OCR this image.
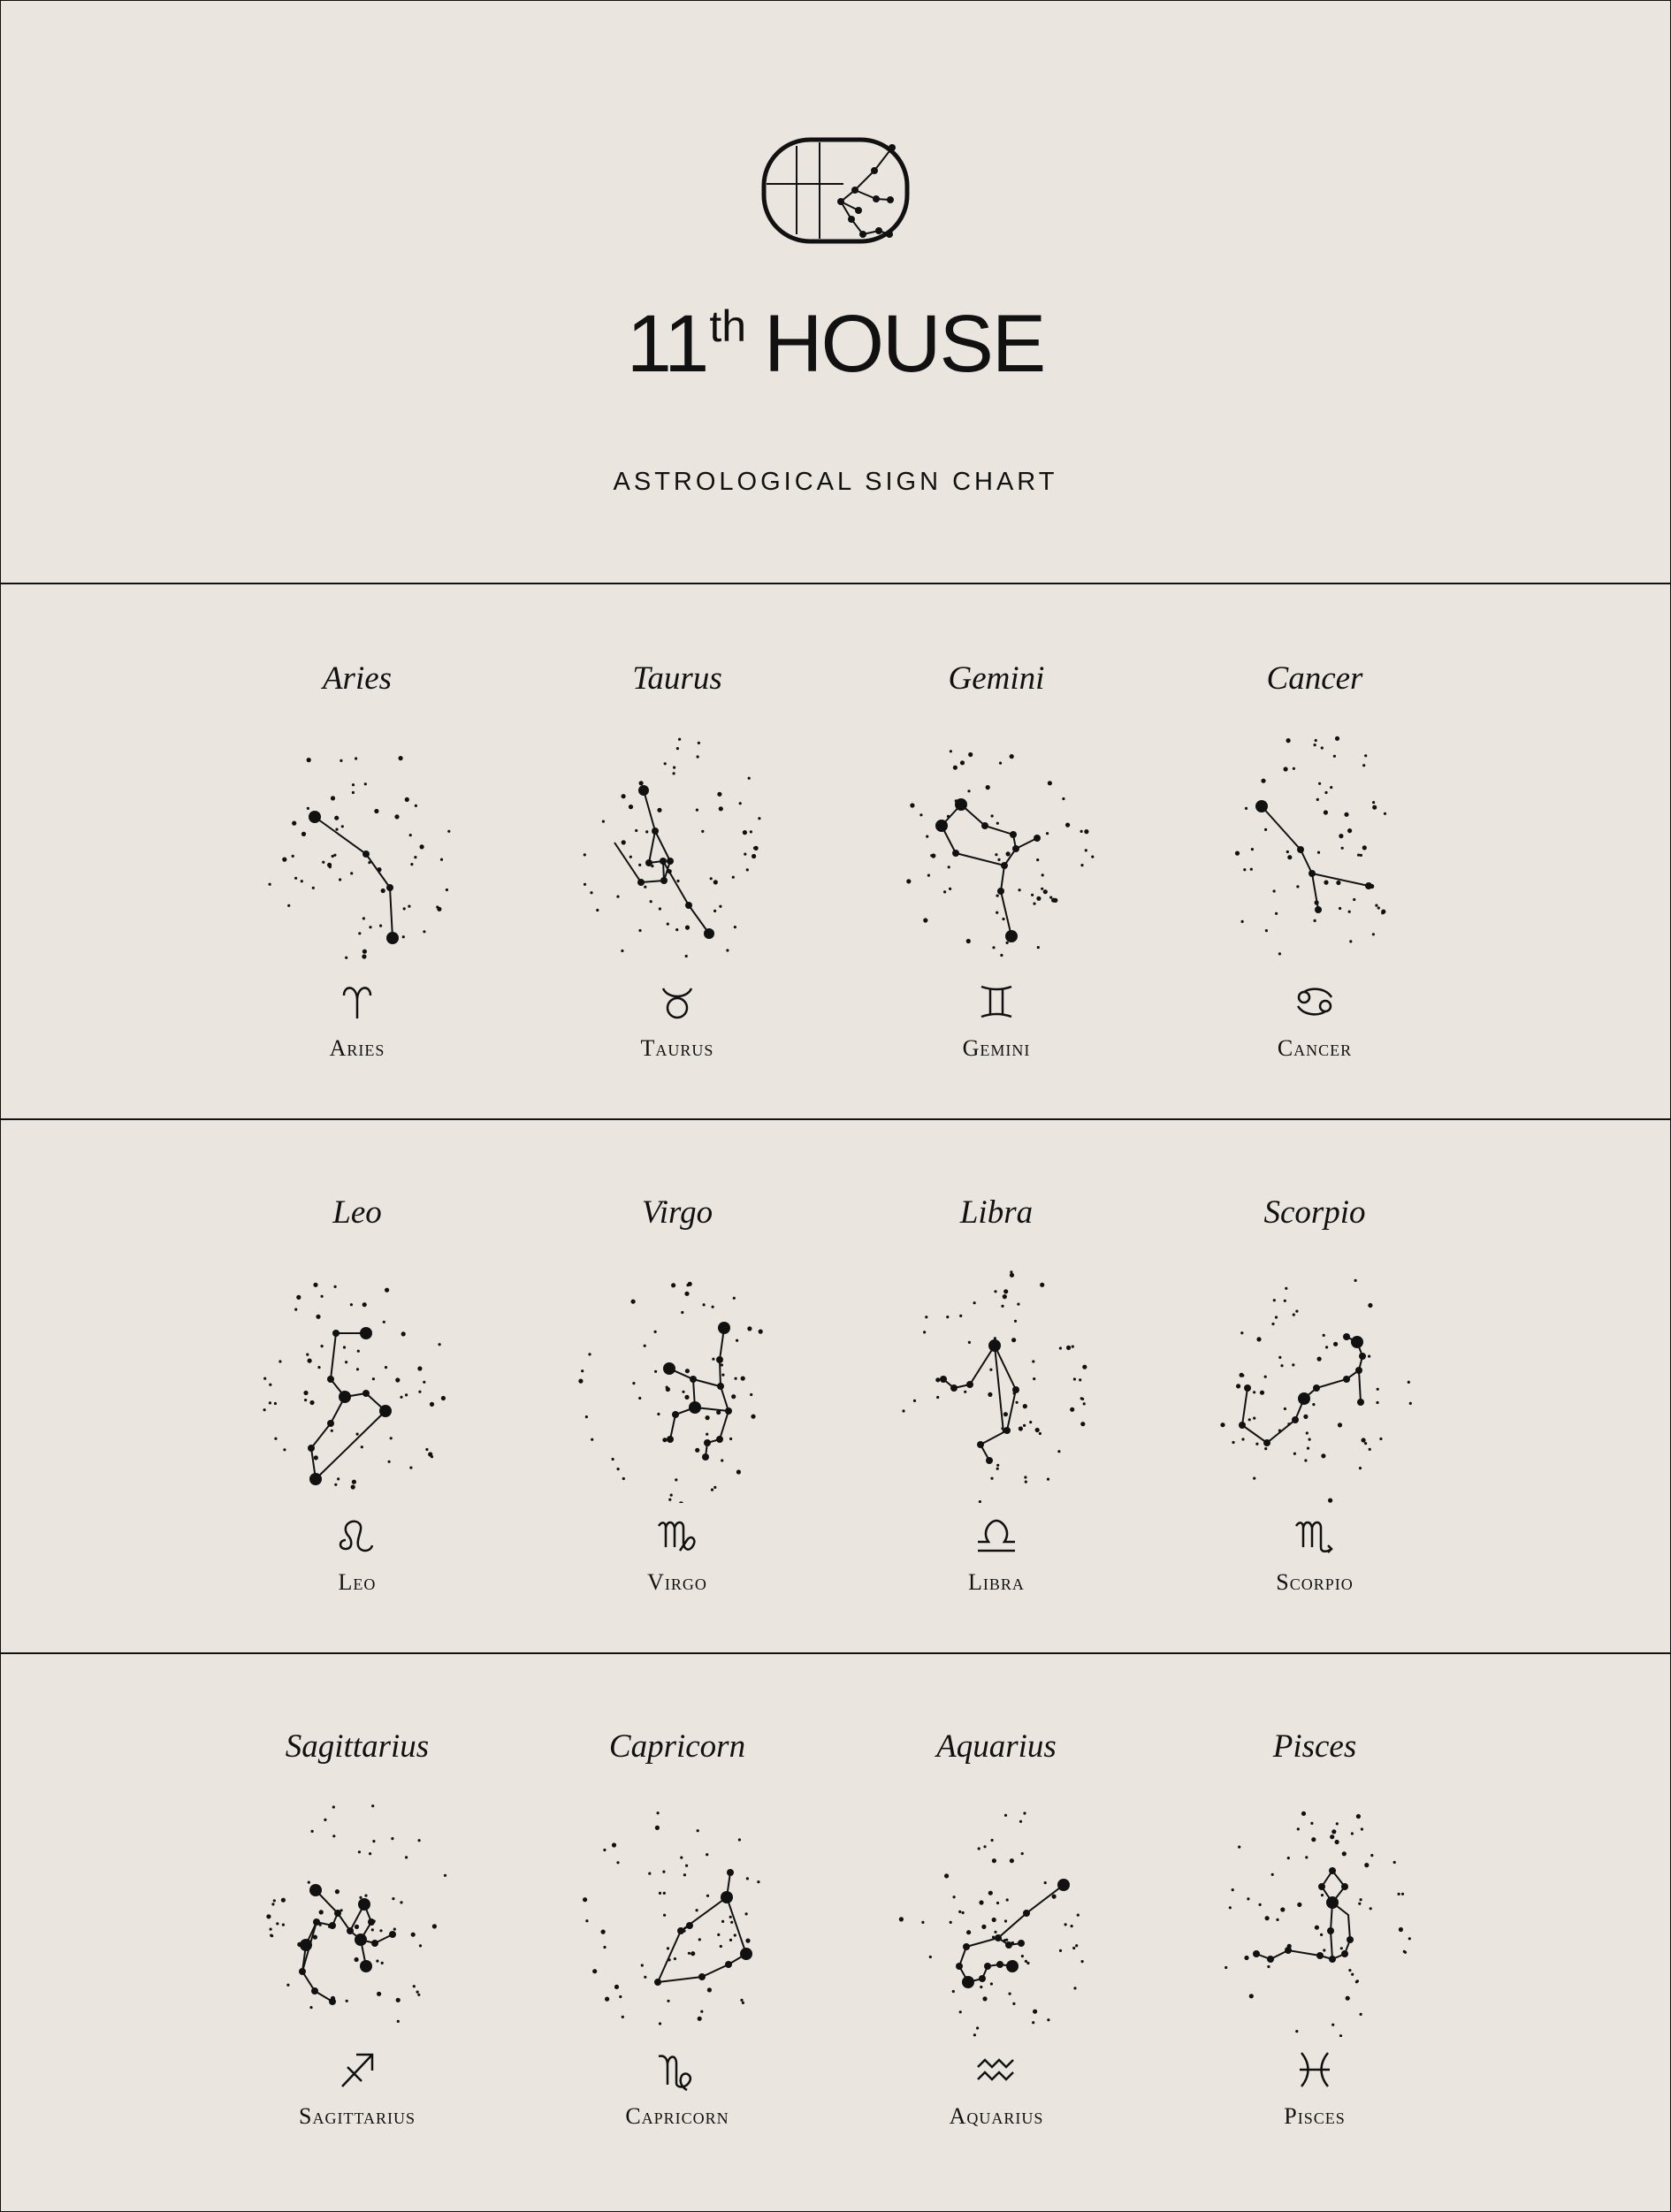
11th HOUSE
ASTROLOGICAL SIGN CHART
Aries
Aries
Taurus
Taurus
Gemini
Gemini
Cancer
Cancer
Leo
Leo
Virgo
Virgo
Libra
Libra
Scorpio
Scorpio
Sagittarius
Sagittarius
Capricorn
Capricorn
Aquarius
Aquarius
Pisces
Pisces
